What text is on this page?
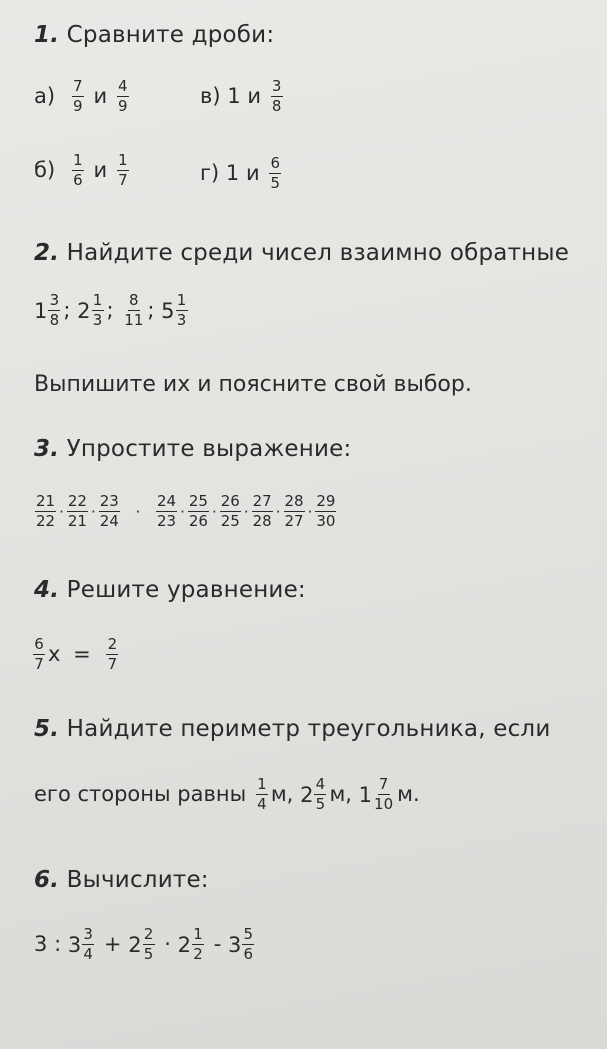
1. Сравните дроби:
$а) \frac{7}{9}$ и $\frac{4}{9}$	в) 1 и $\frac{3}{8}$
$б) \frac{1}{6}$ и $\frac{1}{7}$	г) 1 и $\frac{6}{5}$
2. Найдите среди чисел взаимно обратные
$1 \frac{3}{8}$ ; $2 \frac{1}{3}$ ; $\frac{8}{11}$ ; $5 \frac{1}{3}$
Выпишите их и поясните свой выбор.
3. Упростите выражение:
$\frac{21}{22} \cdot \frac{22}{21} \cdot \frac{23}{24} \cdot \frac{24}{23} \cdot \frac{25}{26} \cdot \frac{26}{25} \cdot \frac{27}{28} \cdot \frac{28}{27} \cdot \frac{29}{30}$
4. Решите уравнение:
$\frac{6}{7}$ $x = \frac{2}{7}$
5. Найдите периметр треугольника, если
его стороны равны $\frac{1}{4} м$, $2 \frac{4}{5} м$, $1 \frac{7}{10} м$.
6. Вычислите:
3 : $3 \frac{3}{4} + 2 \frac{2}{5} \cdot 2 \frac{1}{2} - 3 \frac{5}{6}$
